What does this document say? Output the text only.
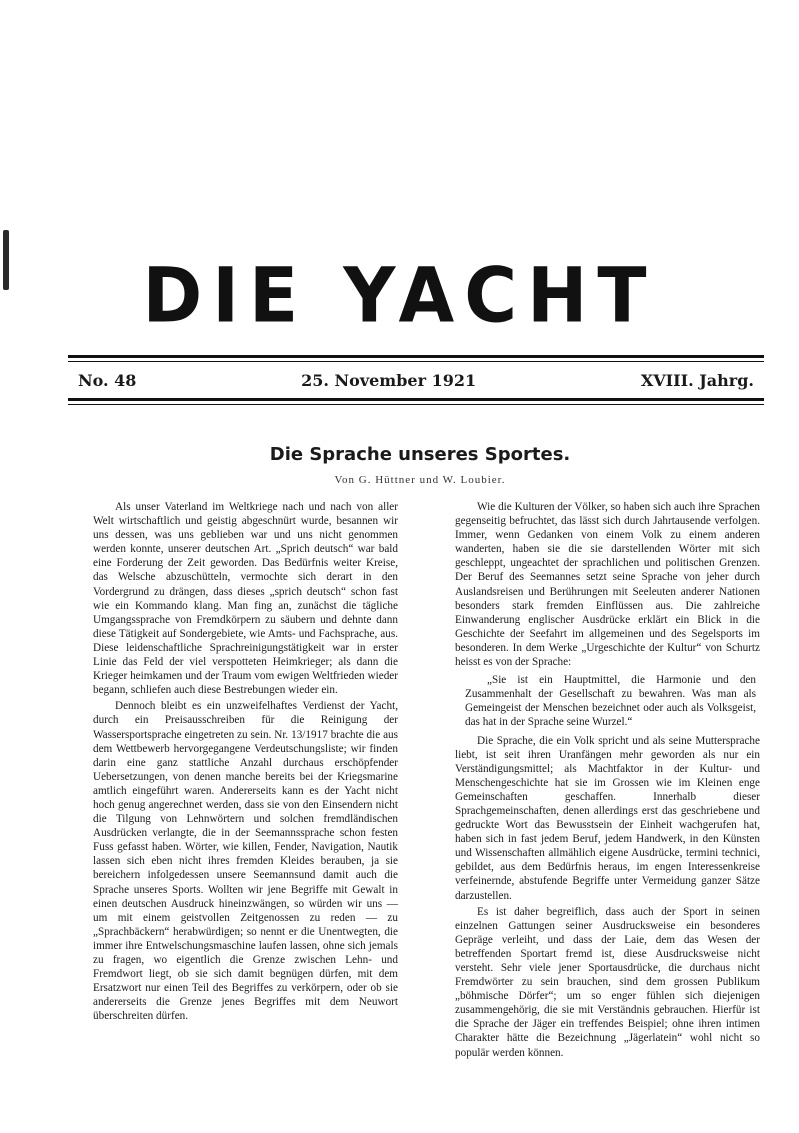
DIE YACHT
No. 48	25. November 1921	XVIII. Jahrg.
Die Sprache unseres Sportes.
Von G. Hüttner und W. Loubier.

Als unser Vaterland im Weltkriege nach und nach von aller Welt wirtschaftlich und geistig abgeschnürt wurde, besannen wir uns dessen, was uns geblieben war und uns nicht genommen werden konnte, unserer deutschen Art. „Sprich deutsch“ war bald eine Forderung der Zeit geworden. Das Bedürfnis weiter Kreise, das Welsche abzuschütteln, vermochte sich derart in den Vordergrund zu drängen, dass dieses „sprich deutsch“ schon fast wie ein Kommando klang. Man fing an, zunächst die tägliche Umgangssprache von Fremdkörpern zu säubern und dehnte dann diese Tätigkeit auf Sondergebiete, wie Amts- und Fachsprache, aus. Diese leidenschaftliche Sprachreinigungstätigkeit war in erster Linie das Feld der viel verspotteten Heimkrieger; als dann die Krieger heimkamen und der Traum vom ewigen Weltfrieden wieder begann, schliefen auch diese Bestrebungen wieder ein.

Dennoch bleibt es ein unzweifelhaftes Verdienst der Yacht, durch ein Preisausschreiben für die Reinigung der Wassersportsprache eingetreten zu sein. Nr. 13/1917 brachte die aus dem Wettbewerb hervorgegangene Verdeutschungsliste; wir finden darin eine ganz stattliche Anzahl durchaus erschöpfender Uebersetzungen, von denen manche bereits bei der Kriegsmarine amtlich eingeführt waren. Andererseits kann es der Yacht nicht hoch genug angerechnet werden, dass sie von den Einsendern nicht die Tilgung von Lehnwörtern und solchen fremdländischen Ausdrücken verlangte, die in der Seemannssprache schon festen Fuss gefasst haben. Wörter, wie killen, Fender, Navigation, Nautik lassen sich eben nicht ihres fremden Kleides berauben, ja sie bereichern infolgedessen unsere Seemannsund damit auch die Sprache unseres Sports. Wollten wir jene Begriffe mit Gewalt in einen deutschen Ausdruck hineinzwängen, so würden wir uns — um mit einem geistvollen Zeitgenossen zu reden — zu „Sprachbäckern“ herabwürdigen; so nennt er die Unentwegten, die immer ihre Entwelschungsmaschine laufen lassen, ohne sich jemals zu fragen, wo eigentlich die Grenze zwischen Lehn- und Fremdwort liegt, ob sie sich damit begnügen dürfen, mit dem Ersatzwort nur einen Teil des Begriffes zu verkörpern, oder ob sie andererseits die Grenze jenes Begriffes mit dem Neuwort überschreiten dürfen.

Wie die Kulturen der Völker, so haben sich auch ihre Sprachen gegenseitig befruchtet, das lässt sich durch Jahrtausende verfolgen. Immer, wenn Gedanken von einem Volk zu einem anderen wanderten, haben sie die sie darstellenden Wörter mit sich geschleppt, ungeachtet der sprachlichen und politischen Grenzen. Der Beruf des Seemannes setzt seine Sprache von jeher durch Auslandsreisen und Berührungen mit Seeleuten anderer Nationen besonders stark fremden Einflüssen aus. Die zahlreiche Einwanderung englischer Ausdrücke erklärt ein Blick in die Geschichte der Seefahrt im allgemeinen und des Segelsports im besonderen. In dem Werke „Urgeschichte der Kultur“ von Schurtz heisst es von der Sprache:

„Sie ist ein Hauptmittel, die Harmonie und den Zusammenhalt der Gesellschaft zu bewahren. Was man als Gemeingeist der Menschen bezeichnet oder auch als Volksgeist, das hat in der Sprache seine Wurzel.“

Die Sprache, die ein Volk spricht und als seine Muttersprache liebt, ist seit ihren Uranfängen mehr geworden als nur ein Verständigungsmittel; als Machtfaktor in der Kultur- und Menschengeschichte hat sie im Grossen wie im Kleinen enge Gemeinschaften geschaffen. Innerhalb dieser Sprachgemeinschaften, denen allerdings erst das geschriebene und gedruckte Wort das Bewusstsein der Einheit wachgerufen hat, haben sich in fast jedem Beruf, jedem Handwerk, in den Künsten und Wissenschaften allmählich eigene Ausdrücke, termini technici, gebildet, aus dem Bedürfnis heraus, im engen Interessenkreise verfeinernde, abstufende Begriffe unter Vermeidung ganzer Sätze darzustellen.

Es ist daher begreiflich, dass auch der Sport in seinen einzelnen Gattungen seiner Ausdrucksweise ein besonderes Gepräge verleiht, und dass der Laie, dem das Wesen der betreffenden Sportart fremd ist, diese Ausdrucksweise nicht versteht. Sehr viele jener Sportausdrücke, die durchaus nicht Fremdwörter zu sein brauchen, sind dem grossen Publikum „böhmische Dörfer“; um so enger fühlen sich diejenigen zusammengehörig, die sie mit Verständnis gebrauchen. Hierfür ist die Sprache der Jäger ein treffendes Beispiel; ohne ihren intimen Charakter hätte die Bezeichnung „Jägerlatein“ wohl nicht so populär werden können.
